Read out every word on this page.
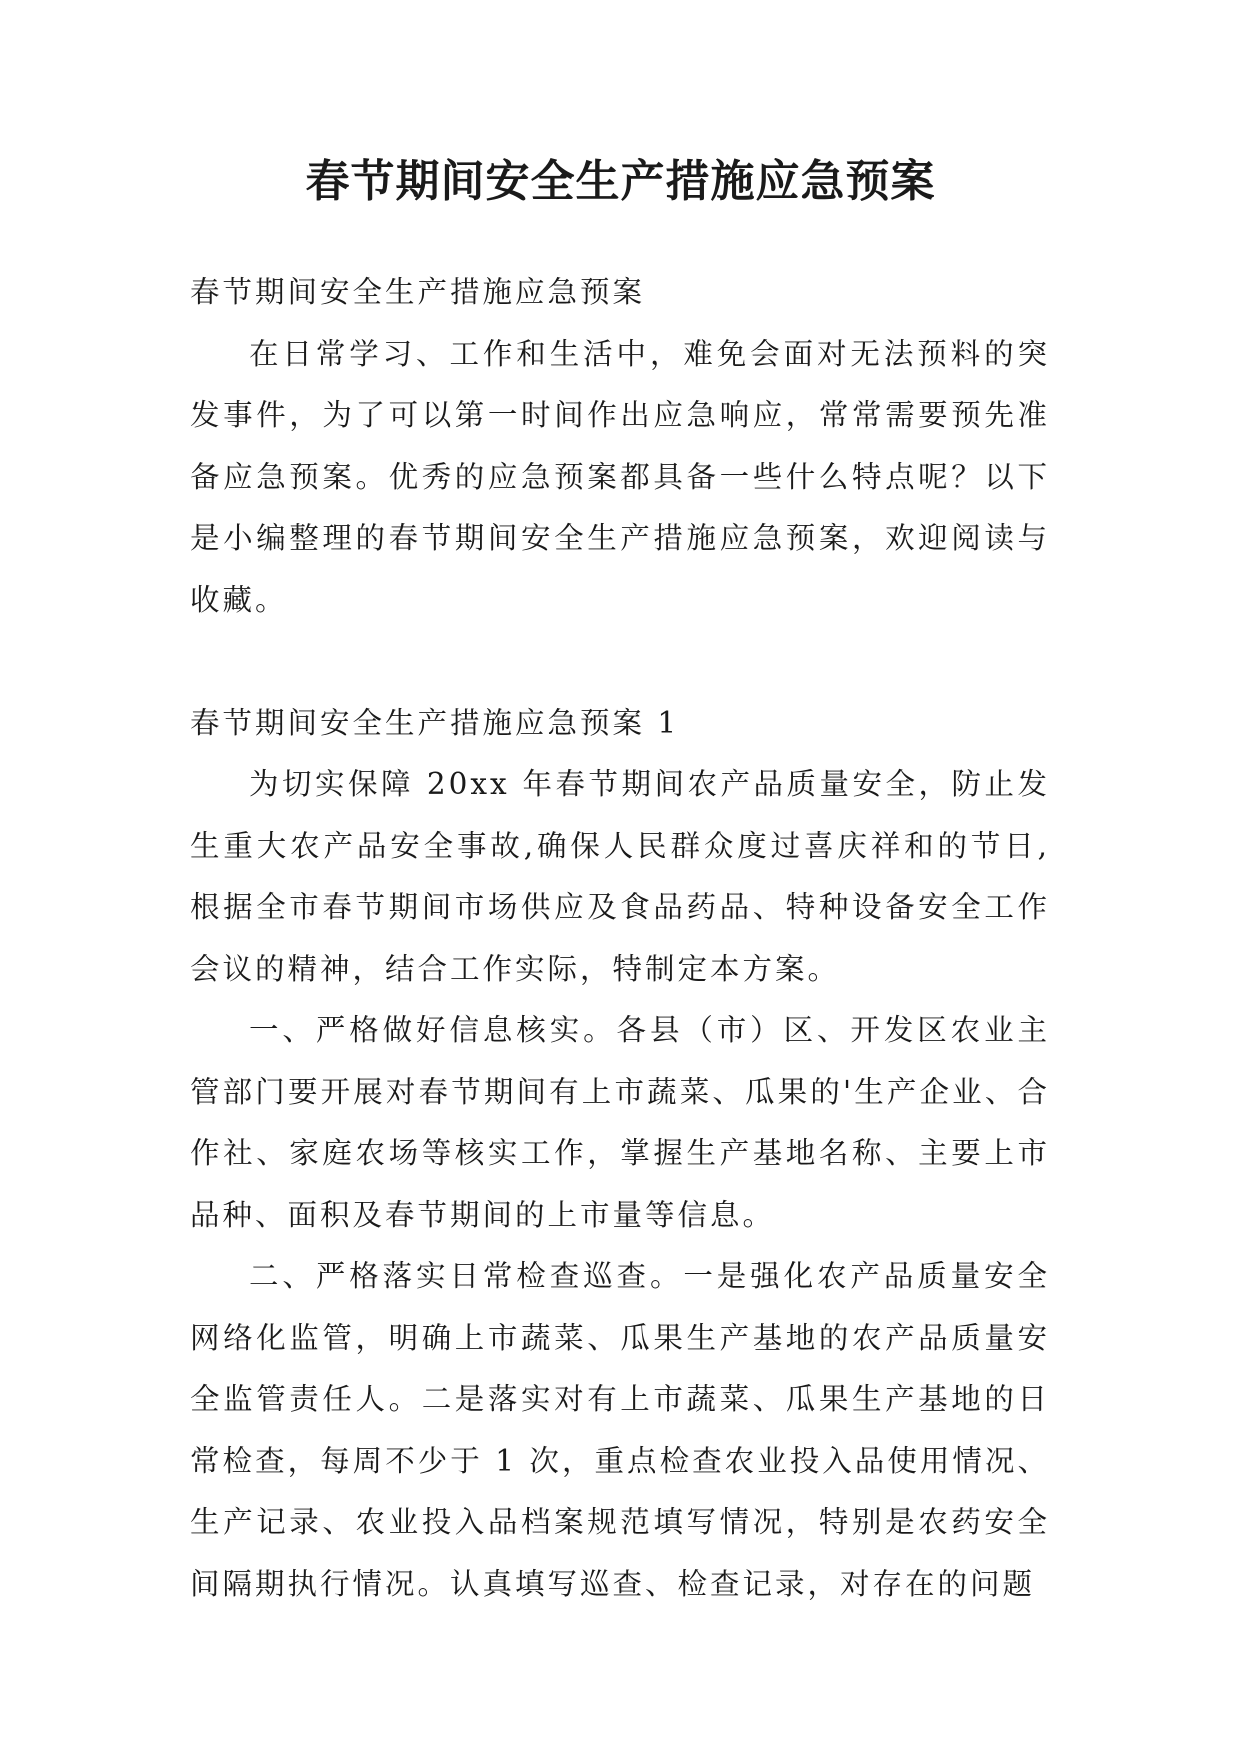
春节期间安全生产措施应急预案

春节期间安全生产措施应急预案

在日常学习、工作和生活中，难免会面对无法预料的突发事件，为了可以第一时间作出应急响应，常常需要预先准备应急预案。优秀的应急预案都具备一些什么特点呢？以下是小编整理的春节期间安全生产措施应急预案，欢迎阅读与收藏。

春节期间安全生产措施应急预案 1

为切实保障 20xx 年春节期间农产品质量安全，防止发生重大农产品安全事故,确保人民群众度过喜庆祥和的节日,根据全市春节期间市场供应及食品药品、特种设备安全工作会议的精神，结合工作实际，特制定本方案。

一、严格做好信息核实。各县（市）区、开发区农业主管部门要开展对春节期间有上市蔬菜、瓜果的'生产企业、合作社、家庭农场等核实工作，掌握生产基地名称、主要上市品种、面积及春节期间的上市量等信息。

二、严格落实日常检查巡查。一是强化农产品质量安全网络化监管，明确上市蔬菜、瓜果生产基地的农产品质量安全监管责任人。二是落实对有上市蔬菜、瓜果生产基地的日常检查，每周不少于 1 次，重点检查农业投入品使用情况、生产记录、农业投入品档案规范填写情况，特别是农药安全间隔期执行情况。认真填写巡查、检查记录，对存在的问题
